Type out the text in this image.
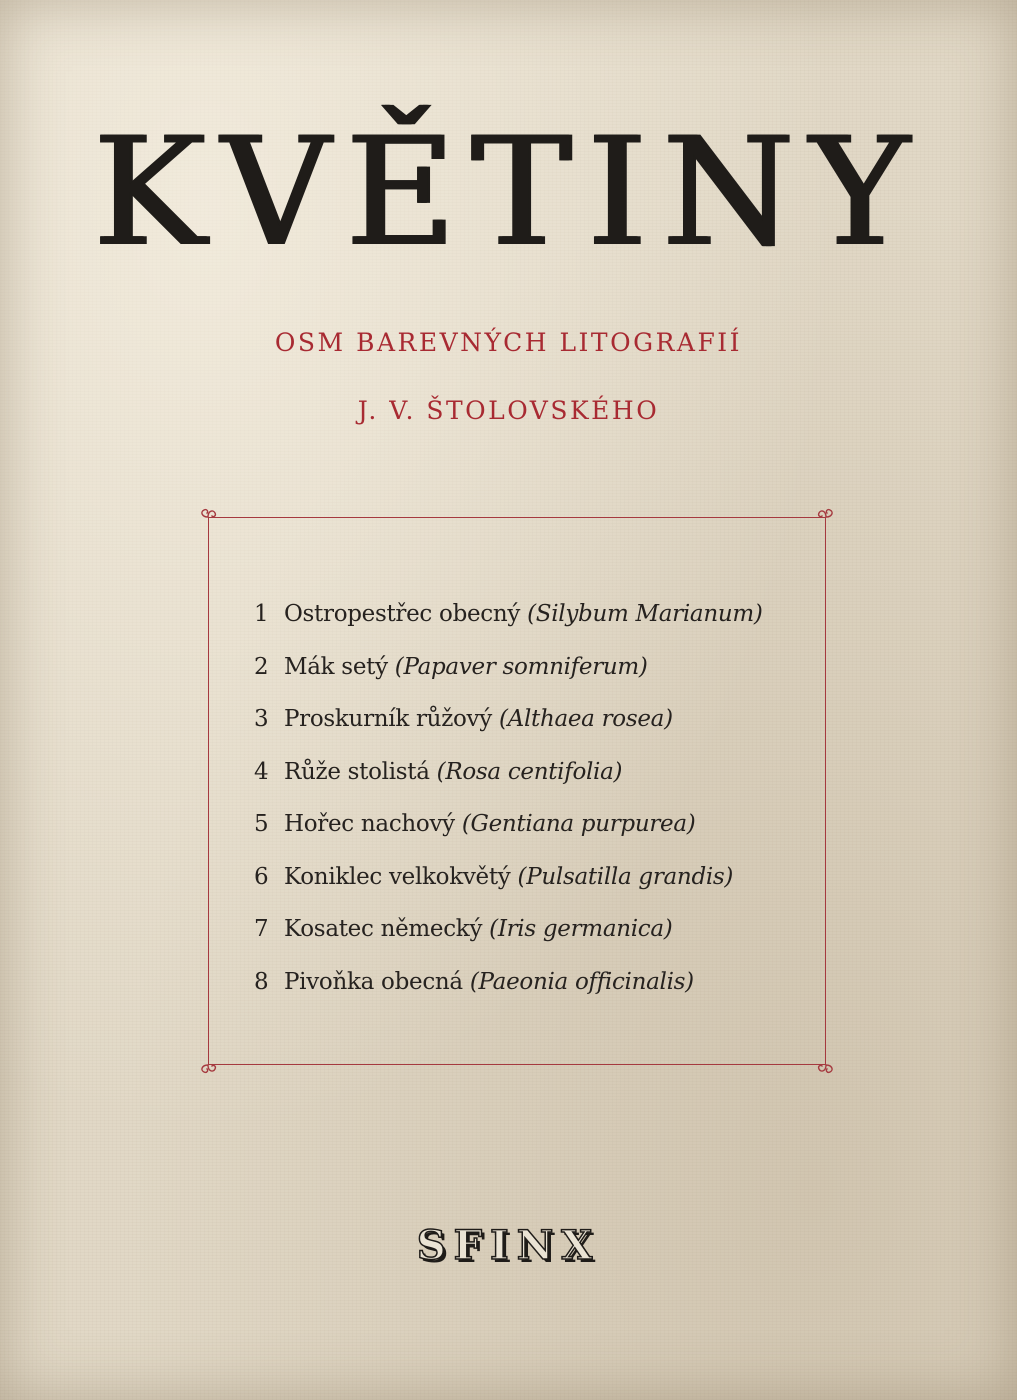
KVĚTINY
OSM BAREVNÝCH LITOGRAFIÍ
J. V. ŠTOLOVSKÉHO
1 Ostropestřec obecný (Silybum Marianum)
2 Mák setý (Papaver somniferum)
3 Proskurník růžový (Althaea rosea)
4 Růže stolistá (Rosa centifolia)
5 Hořec nachový (Gentiana purpurea)
6 Koniklec velkokvětý (Pulsatilla grandis)
7 Kosatec německý (Iris germanica)
8 Pivoňka obecná (Paeonia officinalis)
SFINX
